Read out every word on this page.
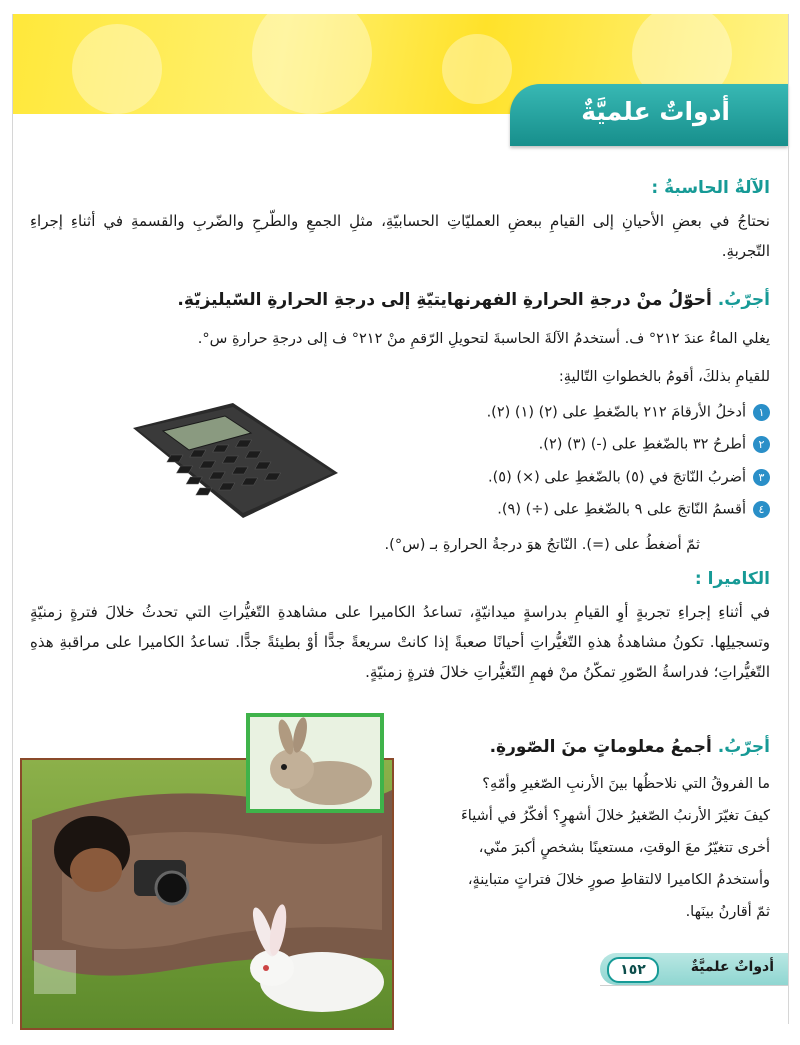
أدواتٌ علميَّةٌ
الآلةُ الحاسبةُ :
نحتاجُ في بعضِ الأحيانِ إلى القيامِ ببعضِ العمليّاتِ الحسابيّةِ، مثلِ الجمعِ والطّرحِ والضّربِ والقسمةِ في أثناءِ إجراءِ التّجربةِ.
أجرّبُ. أحوّلُ منْ درجةِ الحرارةِ الفهرنهايتيّةِ إلى درجةِ الحرارةِ السّيليزيّةِ.
يغلي الماءُ عندَ ٢١٢° ف. أستخدمُ الآلةَ الحاسبةَ لتحويلِ الرّقمِ منْ ٢١٢° ف إلى درجةِ حرارةِ س°.
للقيامِ بذلكَ، أقومُ بالخطواتِ التّاليةِ:
١أدخلُ الأرقامَ ٢١٢ بالضّغطِ على (٢) (١) (٢).
٢أطرحُ ٣٢ بالضّغطِ على (-) (٣) (٢).
٣أضربُ النّاتجَ في (٥) بالضّغطِ على (×) (٥).
٤أقسمُ النّاتجَ على ٩ بالضّغطِ على (÷) (٩).
ثمّ أضغطُ على (=). النّاتجُ هوَ درجةُ الحرارةِ بـ (س°).
الكاميرا :
في أثناءِ إجراءِ تجربةٍ أوِ القيامِ بدراسةٍ ميدانيّةٍ، تساعدُ الكاميرا على مشاهدةِ التّغيُّراتِ التي تحدثُ خلالَ فترةٍ زمنيّةٍ وتسجيلِها. تكونُ مشاهدةُ هذهِ التّغيُّراتِ أحيانًا صعبةً إذا كانتْ سريعةً جدًّا أوْ بطيئةً جدًّا. تساعدُ الكاميرا على مراقبةِ هذهِ التّغيُّراتِ؛ فدراسةُ الصّورِ تمكّنُ منْ فهمِ التّغيُّراتِ خلالَ فترةٍ زمنيّةٍ.
أجرّبُ. أجمعُ معلوماتٍ منَ الصّورةِ.
ما الفروقُ التي نلاحظُها بينَ الأرنبِ الصّغيرِ وأمّهِ؟
كيفَ تغيّرَ الأرنبُ الصّغيرُ خلالَ أشهرٍ؟ أفكّرُ في أشياءَ
أخرى تتغيّرُ معَ الوقتِ، مستعينًا بشخصٍ أكبرَ منّي،
وأستخدمُ الكاميرا لالتقاطِ صورٍ خلالَ فتراتٍ متباينةٍ،
ثمّ أقارنُ بينَها.
أدواتٌ علميَّةٌ
١٥٢
